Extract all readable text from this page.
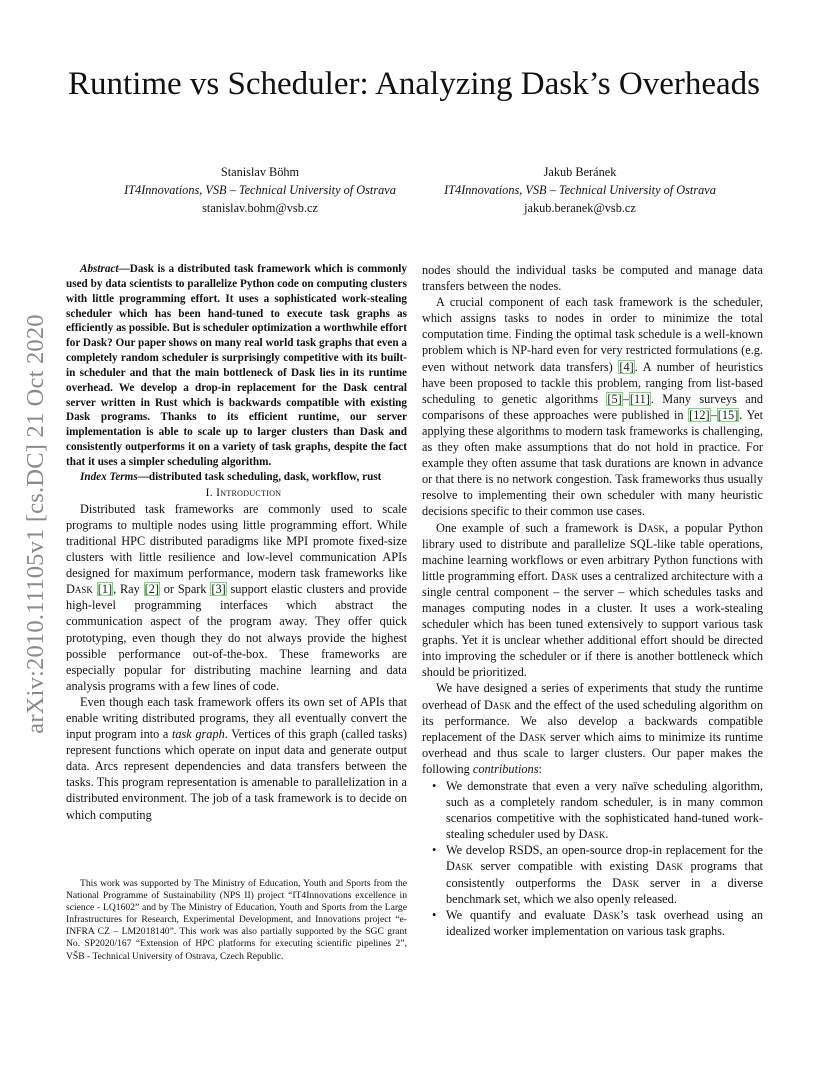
arXiv:2010.11105v1 [cs.DC] 21 Oct 2020
Runtime vs Scheduler: Analyzing Dask’s Overheads
Stanislav Böhm
IT4Innovations, VSB – Technical University of Ostrava
stanislav.bohm@vsb.cz
Jakub Beránek
IT4Innovations, VSB – Technical University of Ostrava
jakub.beranek@vsb.cz

Abstract—Dask is a distributed task framework which is commonly used by data scientists to parallelize Python code on computing clusters with little programming effort. It uses a sophisticated work-stealing scheduler which has been hand-tuned to execute task graphs as efficiently as possible. But is scheduler optimization a worthwhile effort for Dask? Our paper shows on many real world task graphs that even a completely random scheduler is surprisingly competitive with its built-in scheduler and that the main bottleneck of Dask lies in its runtime overhead. We develop a drop-in replacement for the Dask central server written in Rust which is backwards compatible with existing Dask programs. Thanks to its efficient runtime, our server implementation is able to scale up to larger clusters than Dask and consistently outperforms it on a variety of task graphs, despite the fact that it uses a simpler scheduling algorithm.

Index Terms—distributed task scheduling, dask, workflow, rust

I. Introduction

Distributed task frameworks are commonly used to scale programs to multiple nodes using little programming effort. While traditional HPC distributed paradigms like MPI promote fixed-size clusters with little resilience and low-level communication APIs designed for maximum performance, modern task frameworks like Dask [1], Ray [2] or Spark [3] support elastic clusters and provide high-level programming interfaces which abstract the communication aspect of the program away. They offer quick prototyping, even though they do not always provide the highest possible performance out-of-the-box. These frameworks are especially popular for distributing machine learning and data analysis programs with a few lines of code.

Even though each task framework offers its own set of APIs that enable writing distributed programs, they all eventually convert the input program into a task graph. Vertices of this graph (called tasks) represent functions which operate on input data and generate output data. Arcs represent dependencies and data transfers between the tasks. This program representation is amenable to parallelization in a distributed environment. The job of a task framework is to decide on which computing

This work was supported by The Ministry of Education, Youth and Sports from the National Programme of Sustainability (NPS II) project “IT4Innovations excellence in science - LQ1602” and by The Ministry of Education, Youth and Sports from the Large Infrastructures for Research, Experimental Development, and Innovations project “e-INFRA CZ – LM2018140”. This work was also partially supported by the SGC grant No. SP2020/167 “Extension of HPC platforms for executing scientific pipelines 2”, VŠB - Technical University of Ostrava, Czech Republic.

nodes should the individual tasks be computed and manage data transfers between the nodes.

A crucial component of each task framework is the scheduler, which assigns tasks to nodes in order to minimize the total computation time. Finding the optimal task schedule is a well-known problem which is NP-hard even for very restricted formulations (e.g. even without network data transfers) [4]. A number of heuristics have been proposed to tackle this problem, ranging from list-based scheduling to genetic algorithms [5]–[11]. Many surveys and comparisons of these approaches were published in [12]–[15]. Yet applying these algorithms to modern task frameworks is challenging, as they often make assumptions that do not hold in practice. For example they often assume that task durations are known in advance or that there is no network congestion. Task frameworks thus usually resolve to implementing their own scheduler with many heuristic decisions specific to their common use cases.

One example of such a framework is Dask, a popular Python library used to distribute and parallelize SQL-like table operations, machine learning workflows or even arbitrary Python functions with little programming effort. Dask uses a centralized architecture with a single central component – the server – which schedules tasks and manages computing nodes in a cluster. It uses a work-stealing scheduler which has been tuned extensively to support various task graphs. Yet it is unclear whether additional effort should be directed into improving the scheduler or if there is another bottleneck which should be prioritized.

We have designed a series of experiments that study the runtime overhead of Dask and the effect of the used scheduling algorithm on its performance. We also develop a backwards compatible replacement of the Dask server which aims to minimize its runtime overhead and thus scale to larger clusters. Our paper makes the following contributions:

• We demonstrate that even a very naïve scheduling algorithm, such as a completely random scheduler, is in many common scenarios competitive with the sophisticated hand-tuned work-stealing scheduler used by Dask.
• We develop RSDS, an open-source drop-in replacement for the Dask server compatible with existing Dask programs that consistently outperforms the Dask server in a diverse benchmark set, which we also openly released.
• We quantify and evaluate Dask’s task overhead using an idealized worker implementation on various task graphs.
